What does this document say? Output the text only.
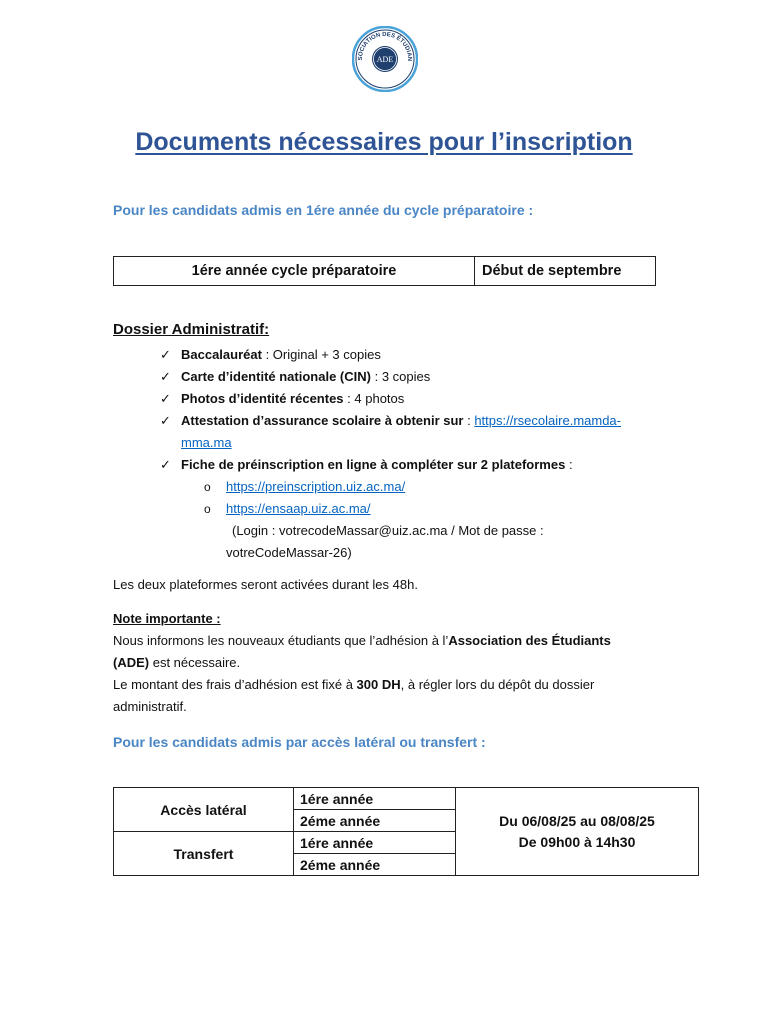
SOCIATION DES ÉTUDIAN
ADE
Documents nécessaires pour l’inscription

Pour les candidats admis en 1ére année du cycle préparatoire :

1ére année cycle préparatoire	Début de septembre

Dossier Administratif:

✓ Baccalauréat : Original + 3 copies
✓ Carte d’identité nationale (CIN) : 3 copies
✓ Photos d’identité récentes : 4 photos
✓ Attestation d’assurance scolaire à obtenir sur : https://rsecolaire.mamda-
mma.ma
✓ Fiche de préinscription en ligne à compléter sur 2 plateformes :
o https://preinscription.uiz.ac.ma/
o https://ensaap.uiz.ac.ma/
(Login : votrecodeMassar@uiz.ac.ma / Mot de passe :
votreCodeMassar-26)
Les deux plateformes seront activées durant les 48h.
Note importante :
Nous informons les nouveaux étudiants que l’adhésion à l’Association des Étudiants
(ADE) est nécessaire.
Le montant des frais d’adhésion est fixé à 300 DH, à régler lors du dépôt du dossier
administratif.

Pour les candidats admis par accès latéral ou transfert :

Accès latéral	1ére année	Du 06/08/25 au 08/08/25
De 09h00 à 14h30

	2éme année	
Transfert	1ére année	
	2éme année	
